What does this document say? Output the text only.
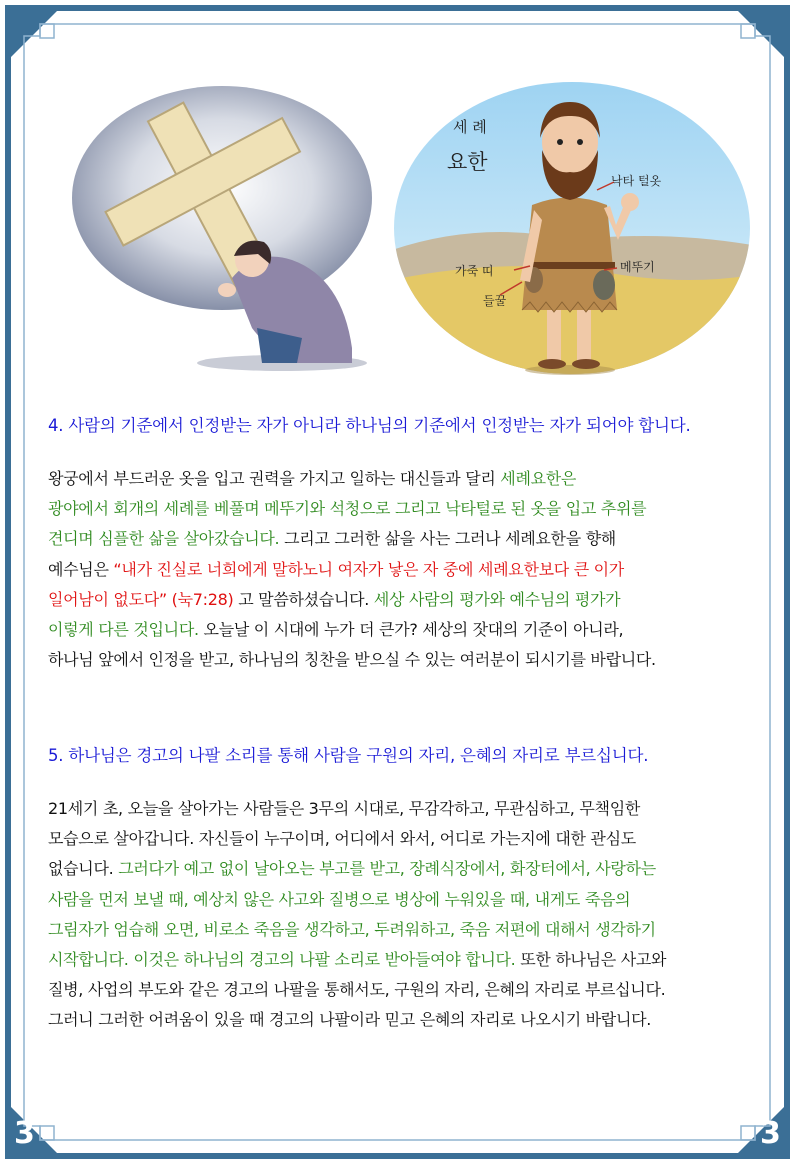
3	3
세 례
요한
낙타 털옷
가죽 띠	메뚜기
들꿀
4. 사람의 기준에서 인정받는 자가 아니라 하나님의 기준에서 인정받는 자가 되어야 합니다.
왕궁에서 부드러운 옷을 입고 권력을 가지고 일하는 대신들과 달리 세례요한은
광야에서 회개의 세례를 베풀며 메뚜기와 석청으로 그리고 낙타털로 된 옷을 입고 추위를
견디며 심플한 삶을 살아갔습니다. 그리고 그러한 삶을 사는 그러나 세례요한을 향해
예수님은 “내가 진실로 너희에게 말하노니 여자가 낳은 자 중에 세례요한보다 큰 이가
일어남이 없도다” (눅7:28) 고 말씀하셨습니다. 세상 사람의 평가와 예수님의 평가가
이렇게 다른 것입니다. 오늘날 이 시대에 누가 더 큰가? 세상의 잣대의 기준이 아니라,
하나님 앞에서 인정을 받고, 하나님의 칭찬을 받으실 수 있는 여러분이 되시기를 바랍니다.
5. 하나님은 경고의 나팔 소리를 통해 사람을 구원의 자리, 은혜의 자리로 부르십니다.
21세기 초, 오늘을 살아가는 사람들은 3무의 시대로, 무감각하고, 무관심하고, 무책임한
모습으로 살아갑니다. 자신들이 누구이며, 어디에서 와서, 어디로 가는지에 대한 관심도
없습니다. 그러다가 예고 없이 날아오는 부고를 받고, 장례식장에서, 화장터에서, 사랑하는
사람을 먼저 보낼 때, 예상치 않은 사고와 질병으로 병상에 누워있을 때, 내게도 죽음의
그림자가 엄습해 오면, 비로소 죽음을 생각하고, 두려워하고, 죽음 저편에 대해서 생각하기
시작합니다. 이것은 하나님의 경고의 나팔 소리로 받아들여야 합니다. 또한 하나님은 사고와
질병, 사업의 부도와 같은 경고의 나팔을 통해서도, 구원의 자리, 은혜의 자리로 부르십니다.
그러니 그러한 어려움이 있을 때 경고의 나팔이라 믿고 은혜의 자리로 나오시기 바랍니다.
